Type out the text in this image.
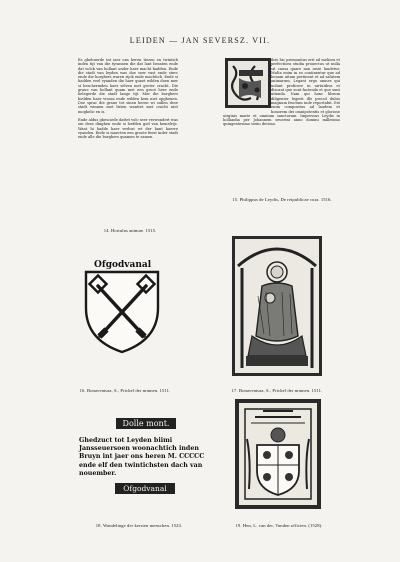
LEIDEN — JAN SEVERSZ. VII.
Es ghebuerde int iaer ons heren tiezen en twintich inden tijt van die tyrannen die dat lant besaten ende dat volck van hollant onder haer macht hadden. Ende die stadt van leyden was doe seer vast ende sterc ende die borghers waren rijck ende machtich. Ende si hadden veel vyanden die haer quaet wilden doen mer si beschermden haer selven met groter cracht. Die graue van hollant quam met een groot here ende belegerde die stadt lange tijt. Mer die borghers hielden haer vroom ende wilden hem niet opgheuen. Doe sprac die graue tot sinen heren wi sullen dese stadt winnen met listen wanttet met cracht niet moghelic en is.

Ende aldus ghesciede dattet volc seer verwondert was om dese dinghen ende si loefden god van hemelrijc. Want hi hadde haer verlost wt der hant haerre vyanden. Ende si maecten een groote feest inder stadt ende alle die borghers quamen te samen.
14. Hortulus animae. 1515.
ibro hic premonitus erit ad meliora et perfectiora studia prouectus ut nulla sit causa quare non iuste laudetur. Multa enim in eo continentur que ad bonam uitam pertinent et ad salutem animarum. Legant ergo omnes qui uolunt proficere in uirtutibus et discant que sunt facienda et que sunt uitanda. Nam qui hunc librum diligenter legerit ille procul dubio magnum fructum inde reportabit. Est enim compositus ad laudem et honorem dei omnipotentis et gloriose uirginis marie et omnium sanctorum. Impressus Leydis in hollandia per Johannem seuerini anno domini millesimo quingentesimo sexto decimo.
15. Philippus de Leydis, De reipublicae cura. 1516.
Ofgodvanal
16. Bonaventura, S., Prickel der minnen. 1511.	17. Bonaventura, S., Prickel der minnen. 1511.
Dolle mont.
Ghedzuct tot Leyden biimi Jansseuersoen woonachtich inden Bruyn int jaer ons heren M. CCCCC ende elf den twintichsten dach van nouember.
Ofgodvanal
18. Wandelinge der kersten menschen. 1523.	19. Hen, L. van der, Vanden officien. (1528).
